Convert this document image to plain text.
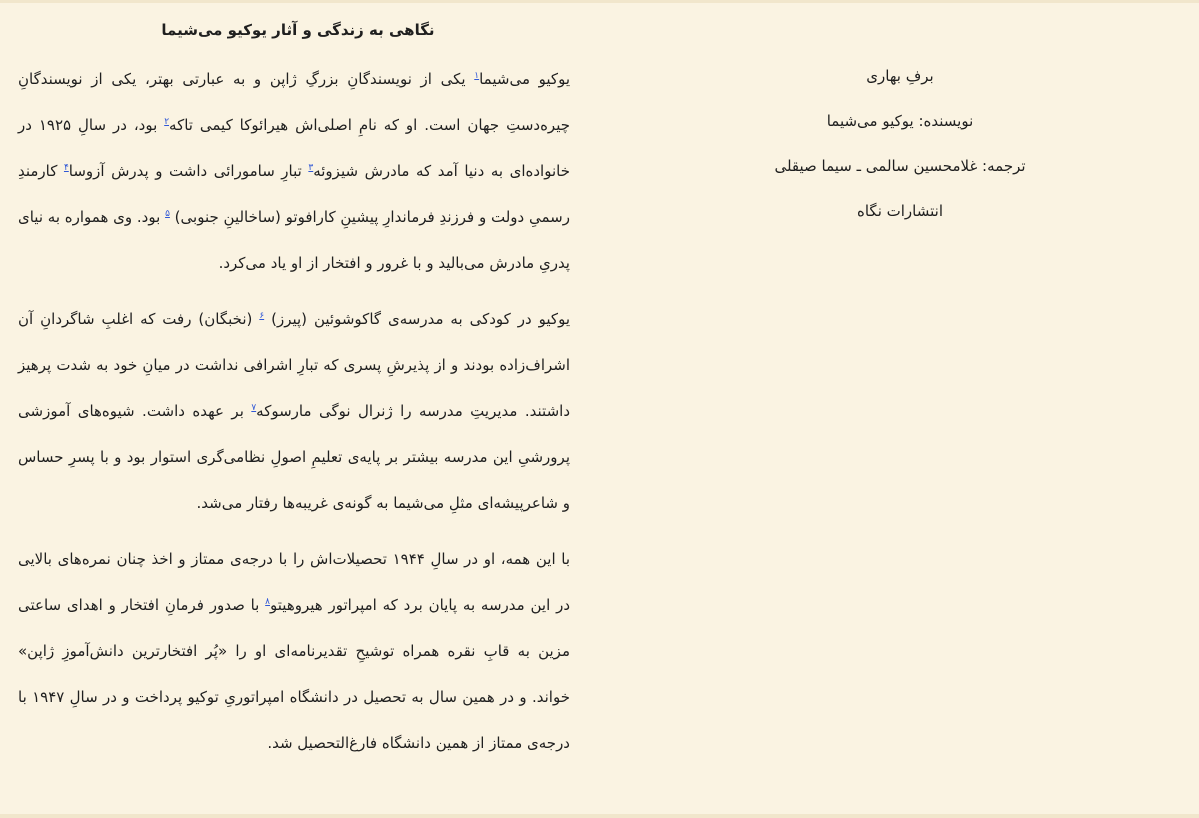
نگاهی به زندگی و آثار یوکیو می‌شیما

یوکیو می‌شیما$^۱$ یکی از نویسندگانِ بزرگِ ژاپن و به عبارتی بهتر، یکی از نویسندگانِ چیره‌دستِ جهان است. او که نامِ اصلی‌اش هیرائوکا کیمی تاکه$^۲$ بود، در سالِ ۱۹۲۵ در خانواده‌ای به دنیا آمد که مادرش شیزوئه$^۳$ تبارِ سامورائی داشت و پدرش آزوسا$^۴$ کارمندِ رسمیِ دولت و فرزندِ فرماندارِ پیشینِ کارافوتو (ساخالینِ جنوبی) $^۵$ بود. وی همواره به نیای پدریِ مادرش می‌بالید و با غرور و افتخار از او یاد می‌کرد.

یوکیو در کودکی به مدرسه‌ی گاکوشوئین (پیرز) $^۶$ (نخبگان) رفت که اغلبِ شاگردانِ آن اشراف‌زاده بودند و از پذیرشِ پسری که تبارِ اشرافی نداشت در میانِ خود به شدت پرهیز داشتند. مدیریتِ مدرسه را ژنرال نوگی مارسوکه$^۷$ بر عهده داشت. شیوه‌های آموزشی پرورشیِ این مدرسه بیشتر بر پایه‌ی تعلیمِ اصولِ نظامی‌گری استوار بود و با پسرِ حساس و شاعرپیشه‌ای مثلِ می‌شیما به گونه‌ی غریبه‌ها رفتار می‌شد.

با این همه، او در سالِ ۱۹۴۴ تحصیلات‌اش را با درجه‌ی ممتاز و اخذ چنان نمره‌های بالایی در این مدرسه به پایان برد که امپراتور هیروهیتو$^۸$ با صدور فرمانِ افتخار و اهدای ساعتی مزین به قابِ نقره همراه توشیحِ تقدیرنامه‌ای او را «پُر افتخارترین دانش‌آموزِ ژاپن» خواند. و در همین سال به تحصیل در دانشگاه امپراتوریِ توکیو پرداخت و در سالِ ۱۹۴۷ با درجه‌ی ممتاز از همین دانشگاه فارغ‌التحصیل شد.

برفِ بهاری

نویسنده: یوکیو می‌شیما

ترجمه: غلامحسین سالمی ـ سیما صیقلی

انتشارات نگاه
